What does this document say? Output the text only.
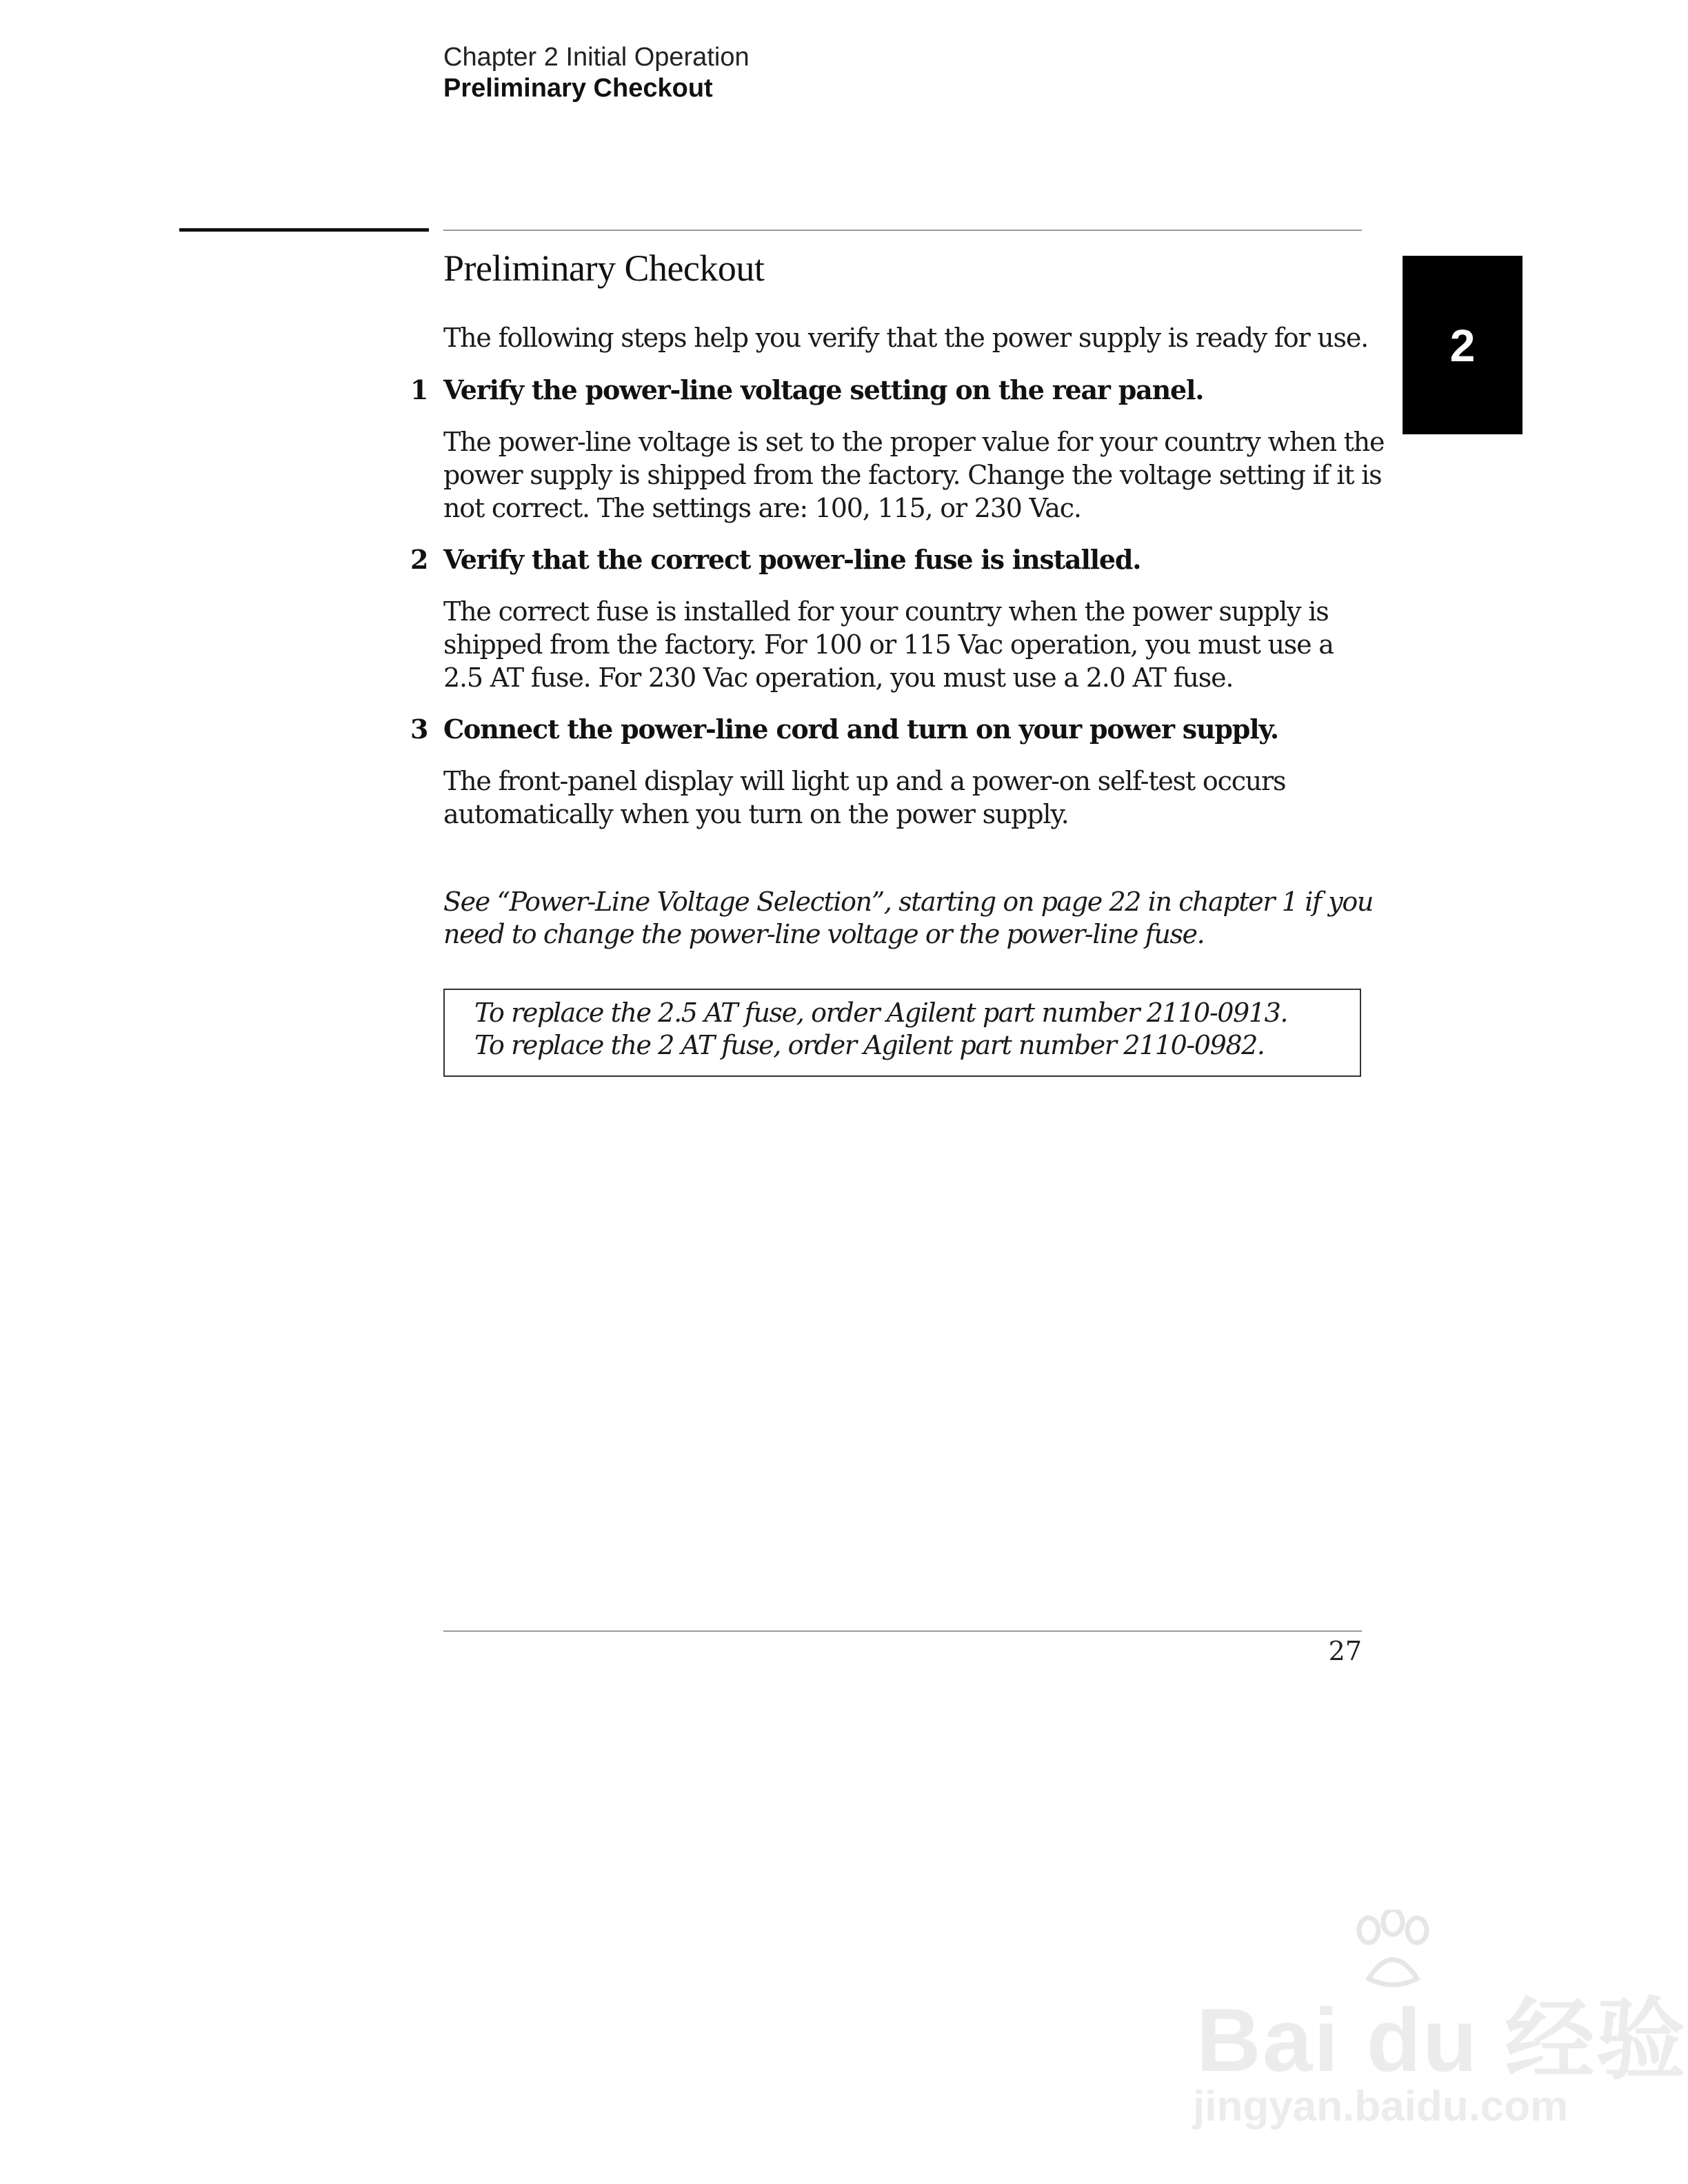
Chapter 2 Initial Operation
Preliminary Checkout
2
Preliminary Checkout
The following steps help you verify that the power supply is ready for use.
1 Verify the power-line voltage setting on the rear panel.
The power-line voltage is set to the proper value for your country when the
power supply is shipped from the factory. Change the voltage setting if it is
not correct. The settings are: 100, 115, or 230 Vac.
2 Verify that the correct power-line fuse is installed.
The correct fuse is installed for your country when the power supply is
shipped from the factory. For 100 or 115 Vac operation, you must use a
2.5 AT fuse. For 230 Vac operation, you must use a 2.0 AT fuse.
3 Connect the power-line cord and turn on your power supply.
The front-panel display will light up and a power-on self-test occurs
automatically when you turn on the power supply.
See “Power-Line Voltage Selection”, starting on page 22 in chapter 1 if you
need to change the power-line voltage or the power-line fuse.
To replace the 2.5 AT fuse, order Agilent part number 2110-0913.
To replace the 2 AT fuse, order Agilent part number 2110-0982.
27
Bai du 经验
jingyan.baidu.com
